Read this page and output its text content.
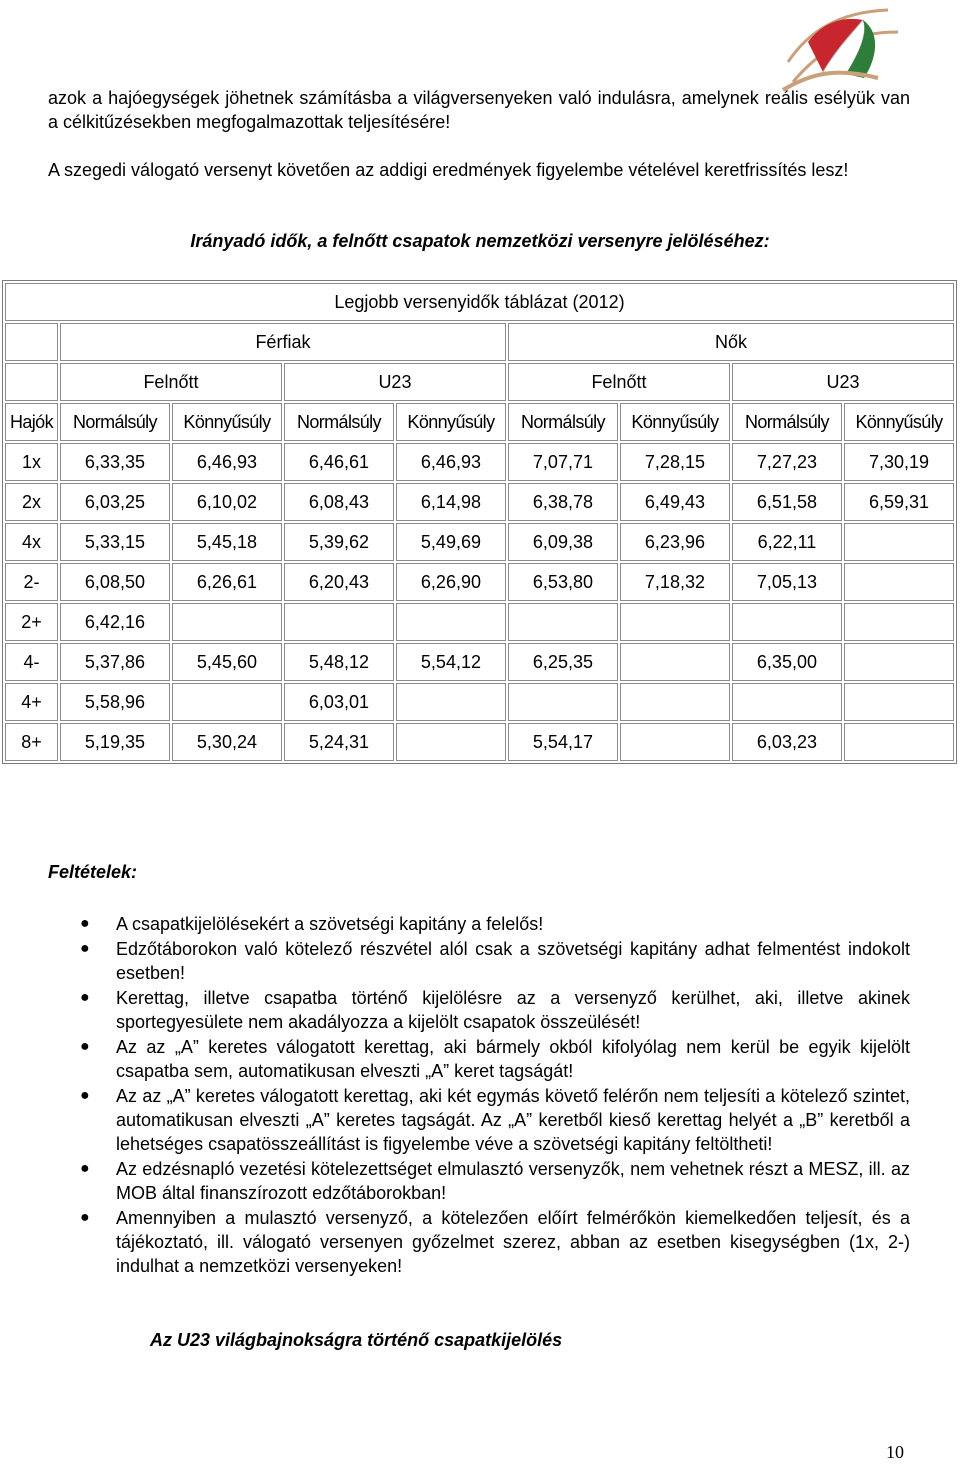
azok a hajóegységek jöhetnek számításba a világversenyeken való indulásra, amelynek reális esélyük van a célkitűzésekben megfogalmazottak teljesítésére!
A szegedi válogató versenyt követően az addigi eredmények figyelembe vételével keretfrissítés lesz!
Irányadó idők, a felnőtt csapatok nemzetközi versenyre jelöléséhez:
Legjobb versenyidők táblázat (2012)								
	Férfiak				Nők			
	Felnőtt		U23		Felnőtt		U23	
Hajók	Normálsúly	Könnyűsúly	Normálsúly	Könnyűsúly	Normálsúly	Könnyűsúly	Normálsúly	Könnyűsúly
1x	6,33,35	6,46,93	6,46,61	6,46,93	7,07,71	7,28,15	7,27,23	7,30,19
2x	6,03,25	6,10,02	6,08,43	6,14,98	6,38,78	6,49,43	6,51,58	6,59,31
4x	5,33,15	5,45,18	5,39,62	5,49,69	6,09,38	6,23,96	6,22,11	
2-	6,08,50	6,26,61	6,20,43	6,26,90	6,53,80	7,18,32	7,05,13	
2+	6,42,16							
4-	5,37,86	5,45,60	5,48,12	5,54,12	6,25,35		6,35,00	
4+	5,58,96		6,03,01					
8+	5,19,35	5,30,24	5,24,31		5,54,17		6,03,23	
Feltételek:
● A csapatkijelölésekért a szövetségi kapitány a felelős!
● Edzőtáborokon való kötelező részvétel alól csak a szövetségi kapitány adhat felmentést indokolt esetben!
● Kerettag, illetve csapatba történő kijelölésre az a versenyző kerülhet, aki, illetve akinek sportegyesülete nem akadályozza a kijelölt csapatok összeülését!
● Az az „A” keretes válogatott kerettag, aki bármely okból kifolyólag nem kerül be egyik kijelölt csapatba sem, automatikusan elveszti „A” keret tagságát!
● Az az „A” keretes válogatott kerettag, aki két egymás követő felérőn nem teljesíti a kötelező szintet, automatikusan elveszti „A” keretes tagságát. Az „A” keretből kieső kerettag helyét a „B” keretből a lehetséges csapatösszeállítást is figyelembe véve a szövetségi kapitány feltöltheti!
● Az edzésnapló vezetési kötelezettséget elmulasztó versenyzők, nem vehetnek részt a MESZ, ill. az MOB által finanszírozott edzőtáborokban!
● Amennyiben a mulasztó versenyző, a kötelezően előírt felmérőkön kiemelkedően teljesít, és a tájékoztató, ill. válogató versenyen győzelmet szerez, abban az esetben kisegységben (1x, 2-) indulhat a nemzetközi versenyeken!
Az U23 világbajnokságra történő csapatkijelölés
10
